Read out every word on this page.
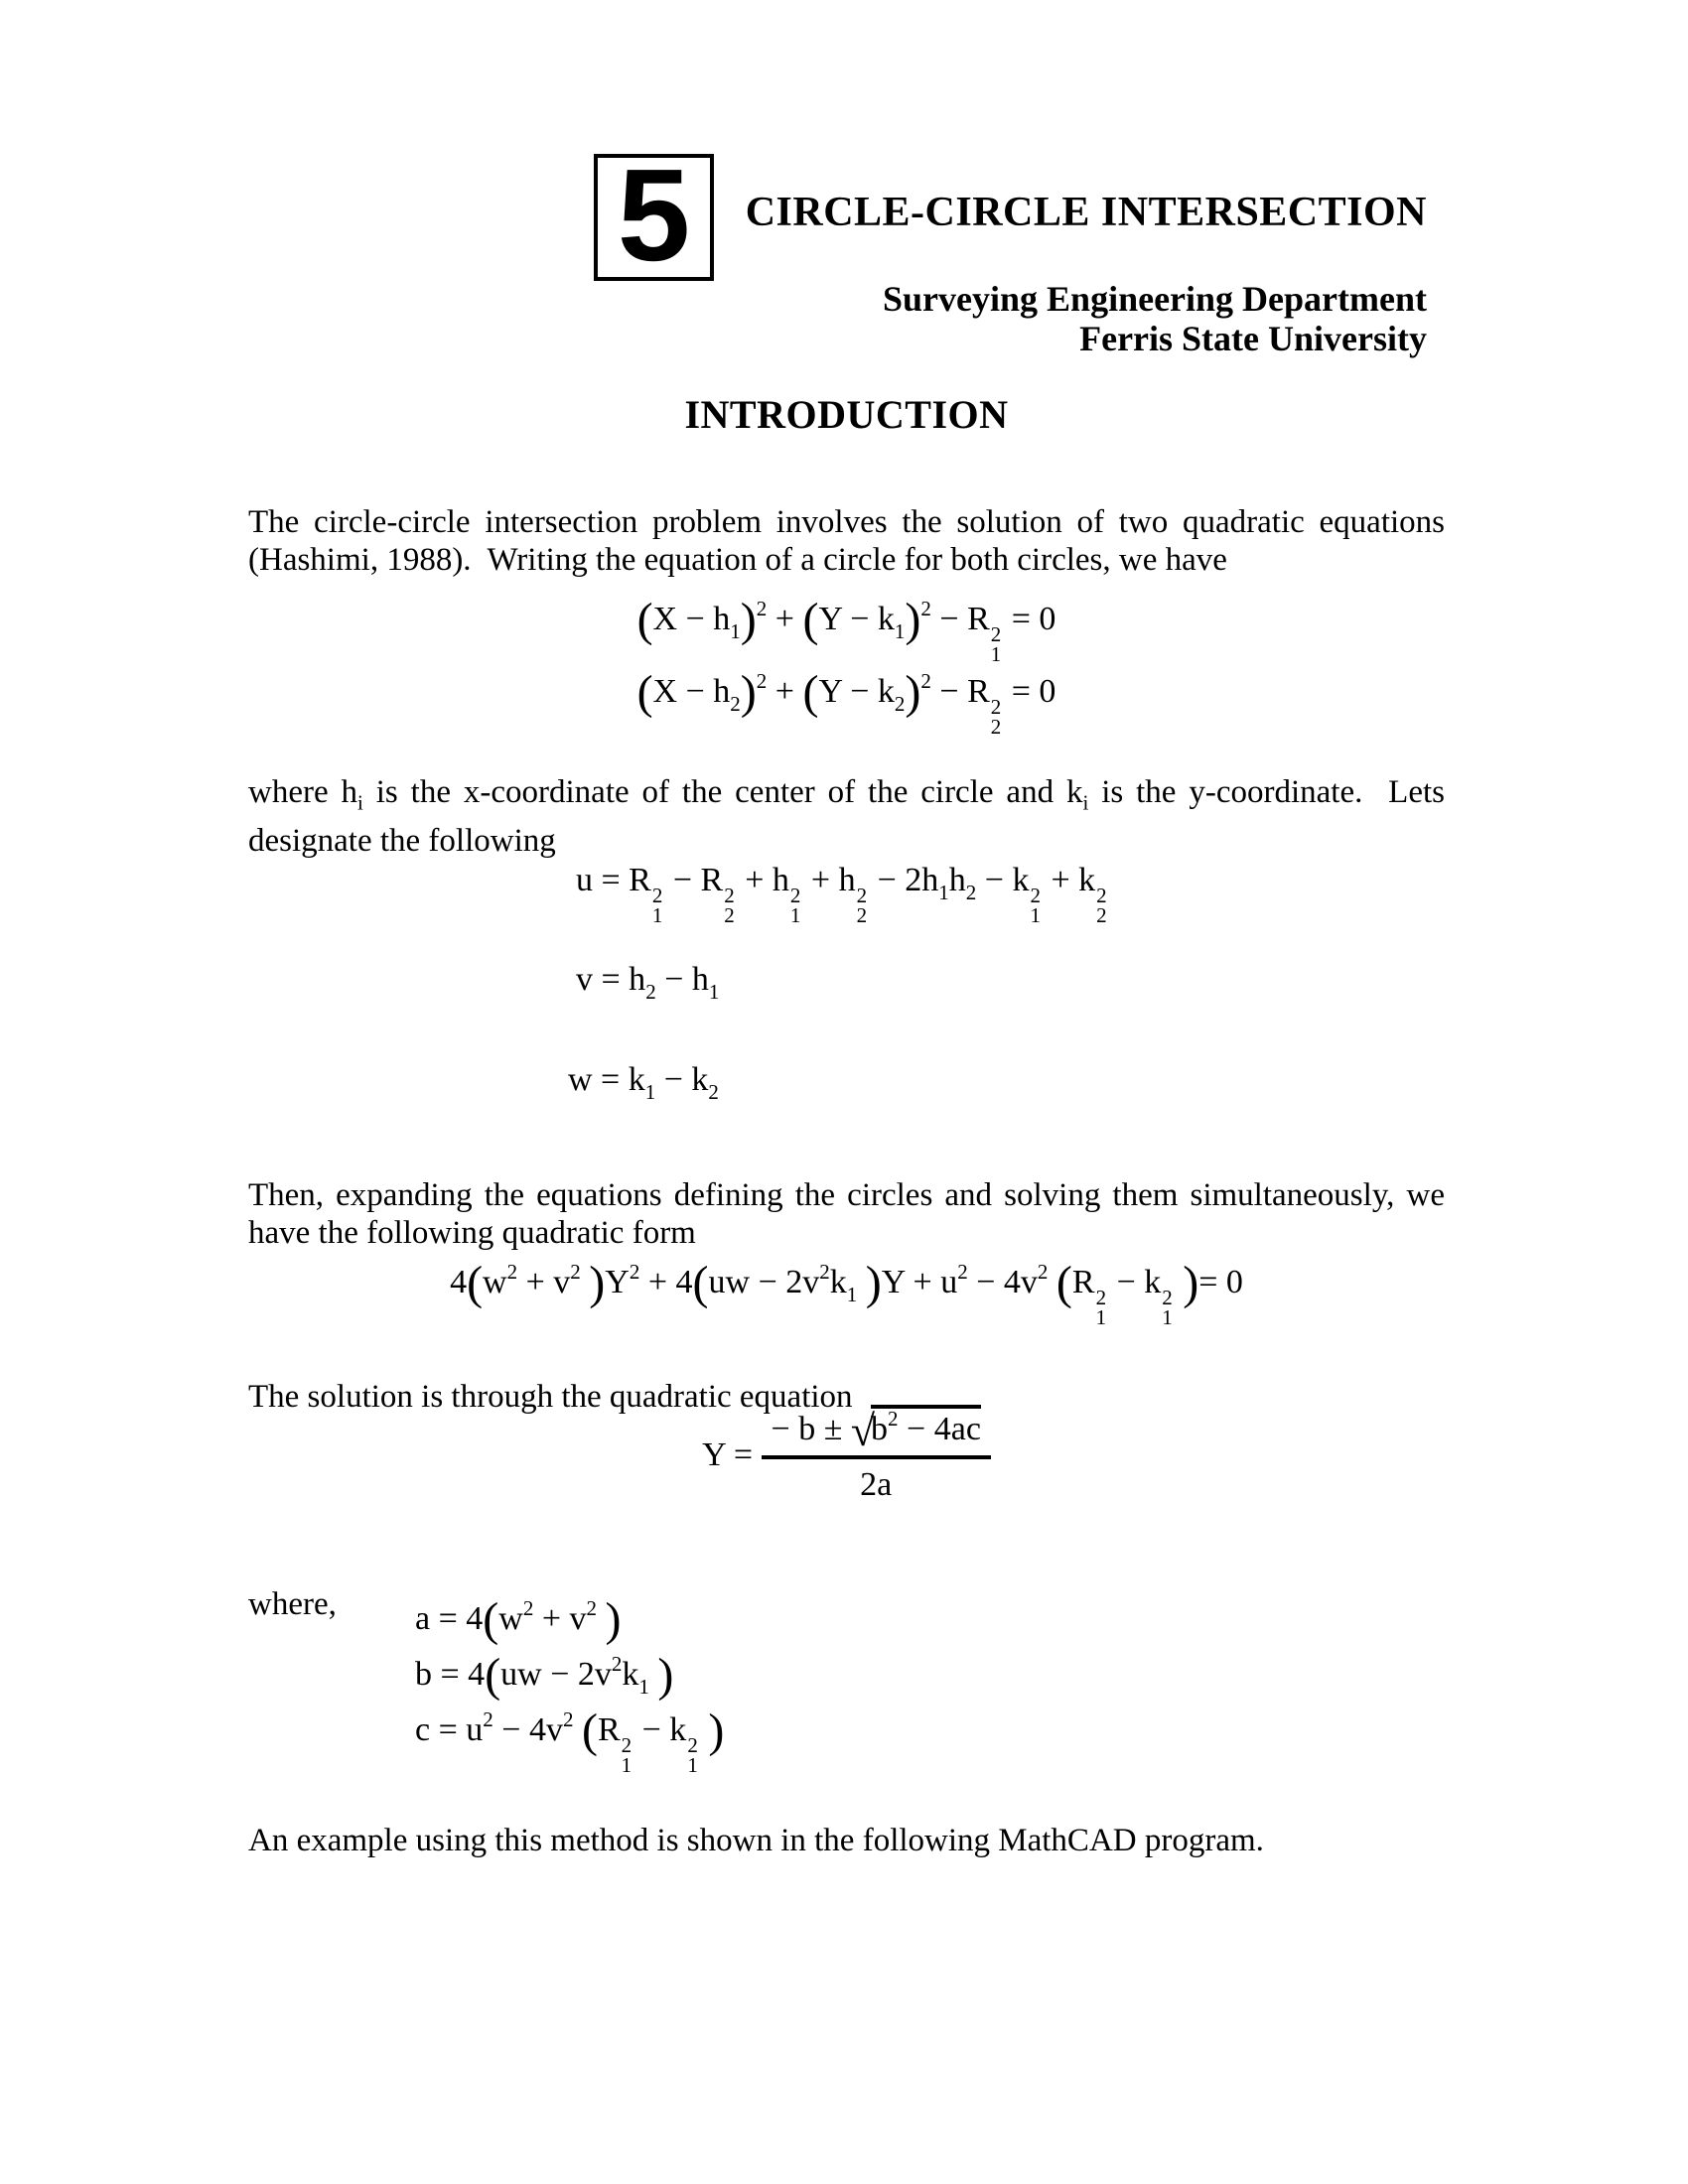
5 CIRCLE-CIRCLE INTERSECTION
Surveying Engineering Department
Ferris State University
INTRODUCTION

The circle-circle intersection problem involves the solution of two quadratic equations (Hashimi, 1988).  Writing the equation of a circle for both circles, we have

$(X - h_1)^2 + (Y - k_1)^2 - R$ 2
1
= 0
$(X - h_2)^2 + (Y - k_2)^2 - R$ 2
2
= 0

where $h_i$ is the x-coordinate of the center of the circle and $k_i$ is the y-coordinate.  Lets designate the following

u = R 2
1
− R 2
2
+ h 2
1
+ h 2
2
− $2h_1h_2 - k$ 2
1
+ k 2
2
$v = h_2 - h_1$
$w = k_1 - k_2$

Then, expanding the equations defining the circles and solving them simultaneously, we have the following quadratic form

$4(w^2 + v^2$ )$Y^2 + 4(uw - 2v^2k_1$ )$Y + u^2 - 4v^2$ (R 2
1
− k 2
1
)= 0

The solution is through the quadratic equation

$Y = \frac{- b \pm √b^2 - 4ac}{2a}$

where,	$a = 4(w^2 + v^2$ )
$b = 4(uw - 2v^2k_1$ )
$c = u^2 - 4v^2$ (R 2
1
− k 2
1
)

An example using this method is shown in the following MathCAD program.
